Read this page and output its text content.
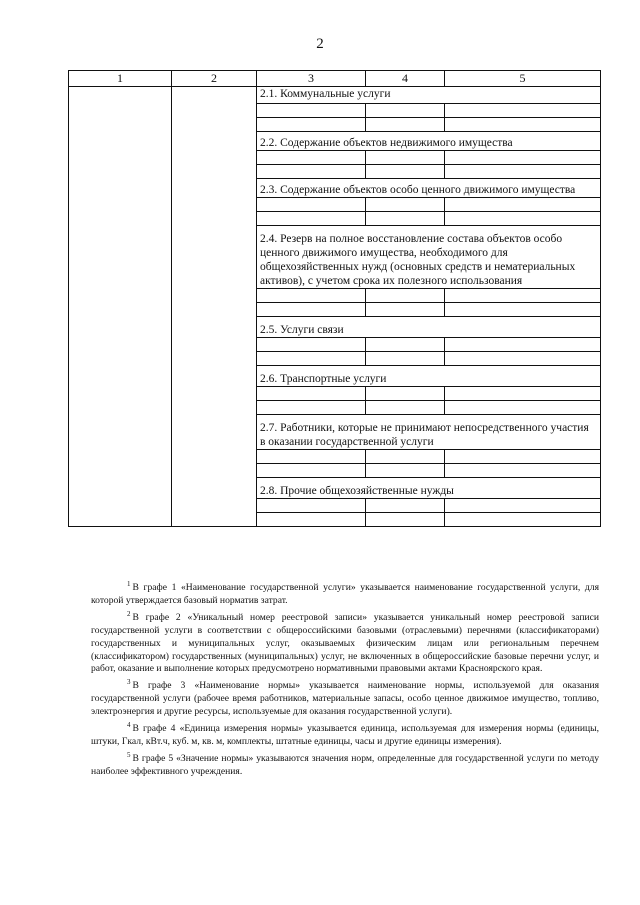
2
1	2	3	4	5
		2.1. Коммунальные услуги		

		2.2. Содержание объектов недвижимого имущества		

		2.3. Содержание объектов особо ценного движимого имущества		

		2.4. Резерв на полное восстановление состава объектов особо ценного движимого имущества, необходимого для общехозяйственных нужд (основных средств и нематериальных активов), с учетом срока их полезного использования		

		2.5. Услуги связи		

		2.6. Транспортные услуги		

		2.7. Работники, которые не принимают непосредственного участия в оказании государственной услуги		

		2.8. Прочие общехозяйственные нужды		

$^1$ В графе 1 «Наименование государственной услуги» указывается наименование государственной услуги, для которой утверждается базовый норматив затрат.

$^2$ В графе 2 «Уникальный номер реестровой записи» указывается уникальный номер реестровой записи государственной услуги в соответствии с общероссийскими базовыми (отраслевыми) перечнями (классификаторами) государственных и муниципальных услуг, оказываемых физическим лицам или региональным перечнем (классификатором) государственных (муниципальных) услуг, не включенных в общероссийские базовые перечни услуг, и работ, оказание и выполнение которых предусмотрено нормативными правовыми актами Красноярского края.

$^3$ В графе 3 «Наименование нормы» указывается наименование нормы, используемой для оказания государственной услуги (рабочее время работников, материальные запасы, особо ценное движимое имущество, топливо, электроэнергия и другие ресурсы, используемые для оказания государственной услуги).

$^4$ В графе 4 «Единица измерения нормы» указывается единица, используемая для измерения нормы (единицы, штуки, Гкал, кВт.ч, куб. м, кв. м, комплекты, штатные единицы, часы и другие единицы измерения).

$^5$ В графе 5 «Значение нормы» указываются значения норм, определенные для государственной услуги по методу наиболее эффективного учреждения.
